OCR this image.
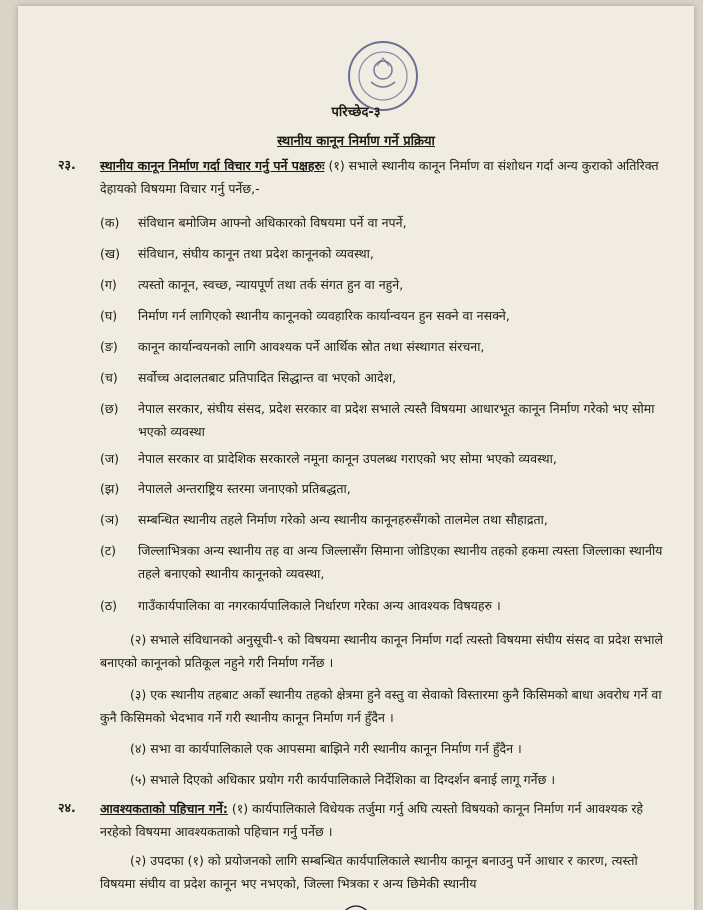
परिच्छेद-३
स्थानीय कानून निर्माण गर्ने प्रक्रिया
२३. स्थानीय कानून निर्माण गर्दा विचार गर्नु पर्ने पक्षहरुः (१) सभाले स्थानीय कानून निर्माण वा संशोधन गर्दा अन्य कुराको अतिरिक्त देहायको विषयमा विचार गर्नु पर्नेछ,-
(क)	संविधान बमोजिम आफ्नो अधिकारको विषयमा पर्ने वा नपर्ने,
(ख)	संविधान, संघीय कानून तथा प्रदेश कानूनको व्यवस्था,
(ग)	त्यस्तो कानून, स्वच्छ, न्यायपूर्ण तथा तर्क संगत हुन वा नहुने,
(घ)	निर्माण गर्न लागिएको स्थानीय कानूनको व्यवहारिक कार्यान्वयन हुन सक्ने वा नसक्ने,
(ङ)	कानून कार्यान्वयनको लागि आवश्यक पर्ने आर्थिक स्रोत तथा संस्थागत संरचना,
(च)	सर्वोच्च अदालतबाट प्रतिपादित सिद्धान्त वा भएको आदेश,
(छ)	नेपाल सरकार, संघीय संसद, प्रदेश सरकार वा प्रदेश सभाले त्यस्तै विषयमा आधारभूत कानून निर्माण गरेको भए सोमा भएको व्यवस्था
(ज)	नेपाल सरकार वा प्रादेशिक सरकारले नमूना कानून उपलब्ध गराएको भए सोमा भएको व्यवस्था,
(झ)	नेपालले अन्तराष्ट्रिय स्तरमा जनाएको प्रतिबद्धता,
(ञ)	सम्बन्धित स्थानीय तहले निर्माण गरेको अन्य स्थानीय कानूनहरुसँगको तालमेल तथा सौहाद्रता,
(ट)	जिल्लाभित्रका अन्य स्थानीय तह वा अन्य जिल्लासँग सिमाना जोडिएका स्थानीय तहको हकमा त्यस्ता जिल्लाका स्थानीय तहले बनाएको स्थानीय कानूनको व्यवस्था,
(ठ)	गाउँकार्यपालिका वा नगरकार्यपालिकाले निर्धारण गरेका अन्य आवश्यक विषयहरु ।
(२) सभाले संविधानको अनुसूची-९ को विषयमा स्थानीय कानून निर्माण गर्दा त्यस्तो विषयमा संघीय संसद वा प्रदेश सभाले बनाएको कानूनको प्रतिकूल नहुने गरी निर्माण गर्नेछ ।
(३) एक स्थानीय तहबाट अर्को स्थानीय तहको क्षेत्रमा हुने वस्तु वा सेवाको विस्तारमा कुनै किसिमको बाधा अवरोध गर्ने वा कुनै किसिमको भेदभाव गर्ने गरी स्थानीय कानून निर्माण गर्न हुँदैन ।
(४) सभा वा कार्यपालिकाले एक आपसमा बाझिने गरी स्थानीय कानून निर्माण गर्न हुँदैन ।
(५) सभाले दिएको अधिकार प्रयोग गरी कार्यपालिकाले निर्देशिका वा दिग्दर्शन बनाई लागू गर्नेछ ।
२४. आवश्यकताको पहिचान गर्ने: (१) कार्यपालिकाले विधेयक तर्जुमा गर्नु अघि त्यस्तो विषयको कानून निर्माण गर्न आवश्यक रहे नरहेको विषयमा आवश्यकताको पहिचान गर्नु पर्नेछ ।
(२) उपदफा (१) को प्रयोजनको लागि सम्बन्धित कार्यपालिकाले स्थानीय कानून बनाउनु पर्ने आधार र कारण, त्यस्तो विषयमा संघीय वा प्रदेश कानून भए नभएको, जिल्ला भित्रका र अन्य छिमेकी स्थानीय
